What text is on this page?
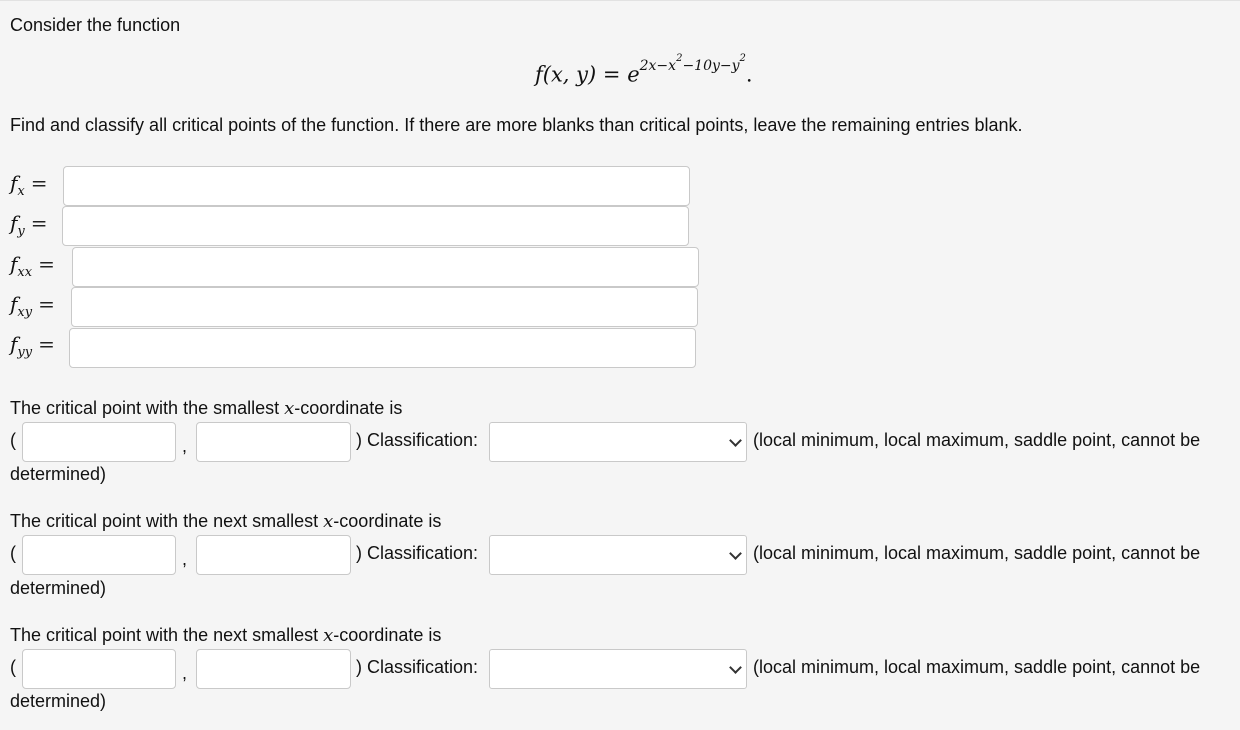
Consider the function
f(x, $y) = e^{2x-x^2-10y-y^2}$.
Find and classify all critical points of the function. If there are more blanks than critical points, leave the remaining entries blank.
$f_x$ =
$f_y$ =
$f_{xx}$ =
$f_{xy}$ =
$f_{yy}$ =
The critical point with the smallest x-coordinate is
(	,	) Classification:	(local minimum, local maximum, saddle point, cannot be
determined)
The critical point with the next smallest x-coordinate is
(	,	) Classification:	(local minimum, local maximum, saddle point, cannot be
determined)
The critical point with the next smallest x-coordinate is
(	,	) Classification:	(local minimum, local maximum, saddle point, cannot be
determined)
